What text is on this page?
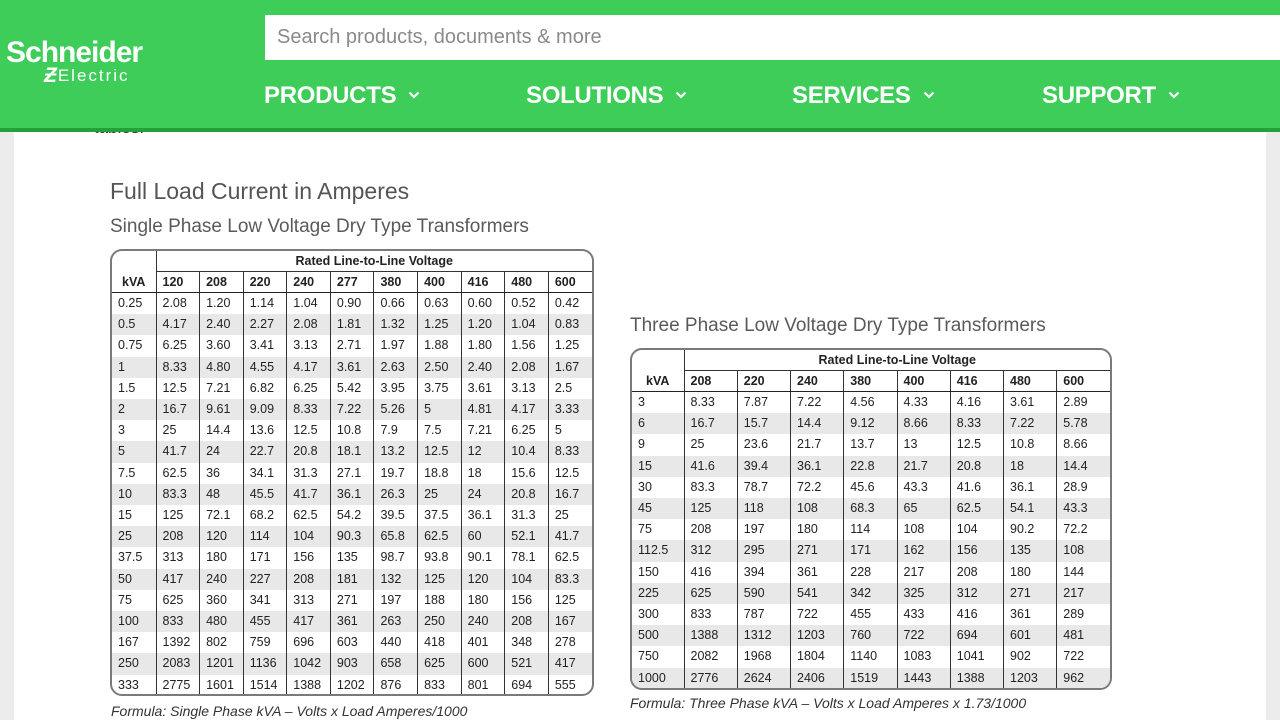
Schneider
Ƶ Electric
Search products, documents & more
PRODUCTS	SOLUTIONS	SERVICES	SUPPORT
Full Load Current in Amperes
Single Phase Low Voltage Dry Type Transformers
Three Phase Low Voltage Dry Type Transformers
kVA	Rated Line-to-Line Voltage									
	120	208	220	240	277	380	400	416	480	600
0.25	2.08	1.20	1.14	1.04	0.90	0.66	0.63	0.60	0.52	0.42
0.5	4.17	2.40	2.27	2.08	1.81	1.32	1.25	1.20	1.04	0.83
0.75	6.25	3.60	3.41	3.13	2.71	1.97	1.88	1.80	1.56	1.25
1	8.33	4.80	4.55	4.17	3.61	2.63	2.50	2.40	2.08	1.67
1.5	12.5	7.21	6.82	6.25	5.42	3.95	3.75	3.61	3.13	2.5
2	16.7	9.61	9.09	8.33	7.22	5.26	5	4.81	4.17	3.33
3	25	14.4	13.6	12.5	10.8	7.9	7.5	7.21	6.25	5
5	41.7	24	22.7	20.8	18.1	13.2	12.5	12	10.4	8.33
7.5	62.5	36	34.1	31.3	27.1	19.7	18.8	18	15.6	12.5
10	83.3	48	45.5	41.7	36.1	26.3	25	24	20.8	16.7
15	125	72.1	68.2	62.5	54.2	39.5	37.5	36.1	31.3	25
25	208	120	114	104	90.3	65.8	62.5	60	52.1	41.7
37.5	313	180	171	156	135	98.7	93.8	90.1	78.1	62.5
50	417	240	227	208	181	132	125	120	104	83.3
75	625	360	341	313	271	197	188	180	156	125
100	833	480	455	417	361	263	250	240	208	167
167	1392	802	759	696	603	440	418	401	348	278
250	2083	1201	1136	1042	903	658	625	600	521	417
333	2775	1601	1514	1388	1202	876	833	801	694	555
Formula: Single Phase kVA – Volts x Load Amperes/1000
kVA	Rated Line-to-Line Voltage							
	208	220	240	380	400	416	480	600
3	8.33	7.87	7.22	4.56	4.33	4.16	3.61	2.89
6	16.7	15.7	14.4	9.12	8.66	8.33	7.22	5.78
9	25	23.6	21.7	13.7	13	12.5	10.8	8.66
15	41.6	39.4	36.1	22.8	21.7	20.8	18	14.4
30	83.3	78.7	72.2	45.6	43.3	41.6	36.1	28.9
45	125	118	108	68.3	65	62.5	54.1	43.3
75	208	197	180	114	108	104	90.2	72.2
112.5	312	295	271	171	162	156	135	108
150	416	394	361	228	217	208	180	144
225	625	590	541	342	325	312	271	217
300	833	787	722	455	433	416	361	289
500	1388	1312	1203	760	722	694	601	481
750	2082	1968	1804	1140	1083	1041	902	722
1000	2776	2624	2406	1519	1443	1388	1203	962
Formula: Three Phase kVA – Volts x Load Amperes x 1.73/1000
